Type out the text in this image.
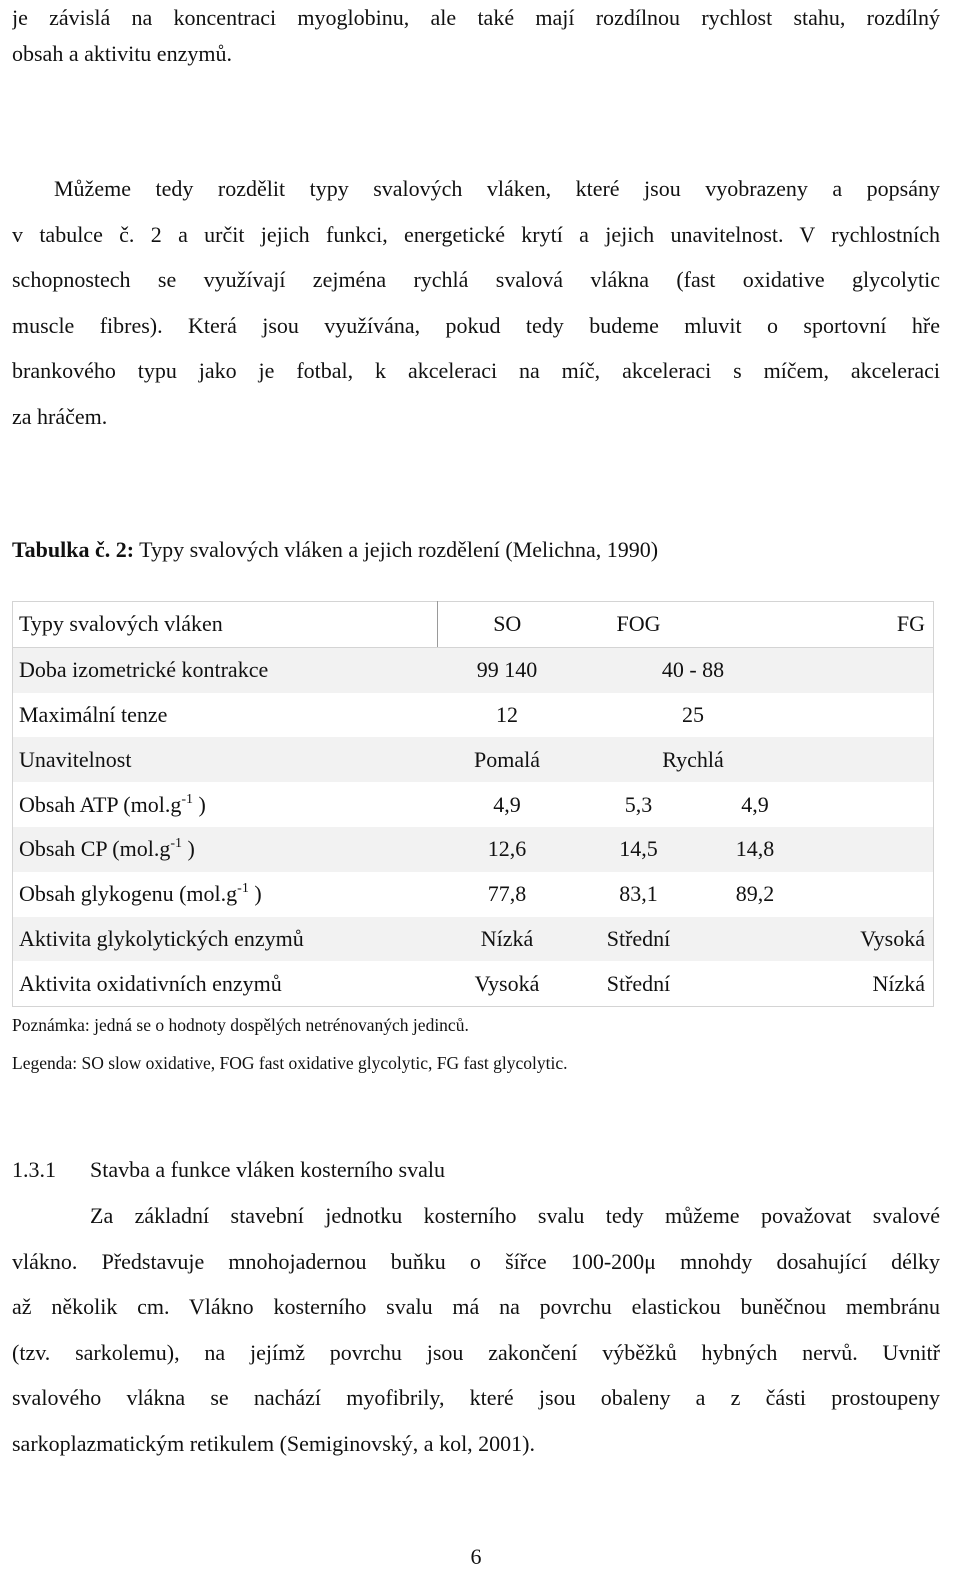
je závislá na koncentraci myoglobinu, ale také mají rozdílnou rychlost stahu, rozdílný
obsah a aktivitu enzymů.
Můžeme tedy rozdělit typy svalových vláken, které jsou vyobrazeny a popsány
v tabulce č. 2 a určit jejich funkci, energetické krytí a jejich unavitelnost. V rychlostních
schopnostech se využívají zejména rychlá svalová vlákna (fast oxidative glycolytic
muscle fibres). Která jsou využívána, pokud tedy budeme mluvit o sportovní hře
brankového typu jako je fotbal, k akceleraci na míč, akceleraci s míčem, akceleraci
za hráčem.

Tabulka č. 2: Typy svalových vláken a jejich rozdělení (Melichna, 1990)

Typy svalových vláken	SO	FOG		FG
Doba izometrické kontrakce	99 140	40 - 88		
Maximální tenze	12	25		
Unavitelnost	Pomalá	Rychlá		
Obsah ATP ($mol.g^{-1}$ )	4,9	5,3	4,9	
Obsah CP ($mol.g^{-1}$ )	12,6	14,5	14,8	
Obsah glykogenu ($mol.g^{-1}$ )	77,8	83,1	89,2	
Aktivita glykolytických enzymů	Nízká	Střední		Vysoká
Aktivita oxidativních enzymů	Vysoká	Střední		Nízká

Poznámka: jedná se o hodnoty dospělých netrénovaných jedinců.

Legenda: SO slow oxidative, FOG fast oxidative glycolytic, FG fast glycolytic.

1.3.1 Stavba a funkce vláken kosterního svalu

Za základní stavební jednotku kosterního svalu tedy můžeme považovat svalové
vlákno. Představuje mnohojadernou buňku o šířce 100-200μ mnohdy dosahující délky
až několik cm. Vlákno kosterního svalu má na povrchu elastickou buněčnou membránu
(tzv. sarkolemu), na jejímž povrchu jsou zakončení výběžků hybných nervů. Uvnitř
svalového vlákna se nachází myofibrily, které jsou obaleny a z části prostoupeny
sarkoplazmatickým retikulem (Semiginovský, a kol, 2001).
6
